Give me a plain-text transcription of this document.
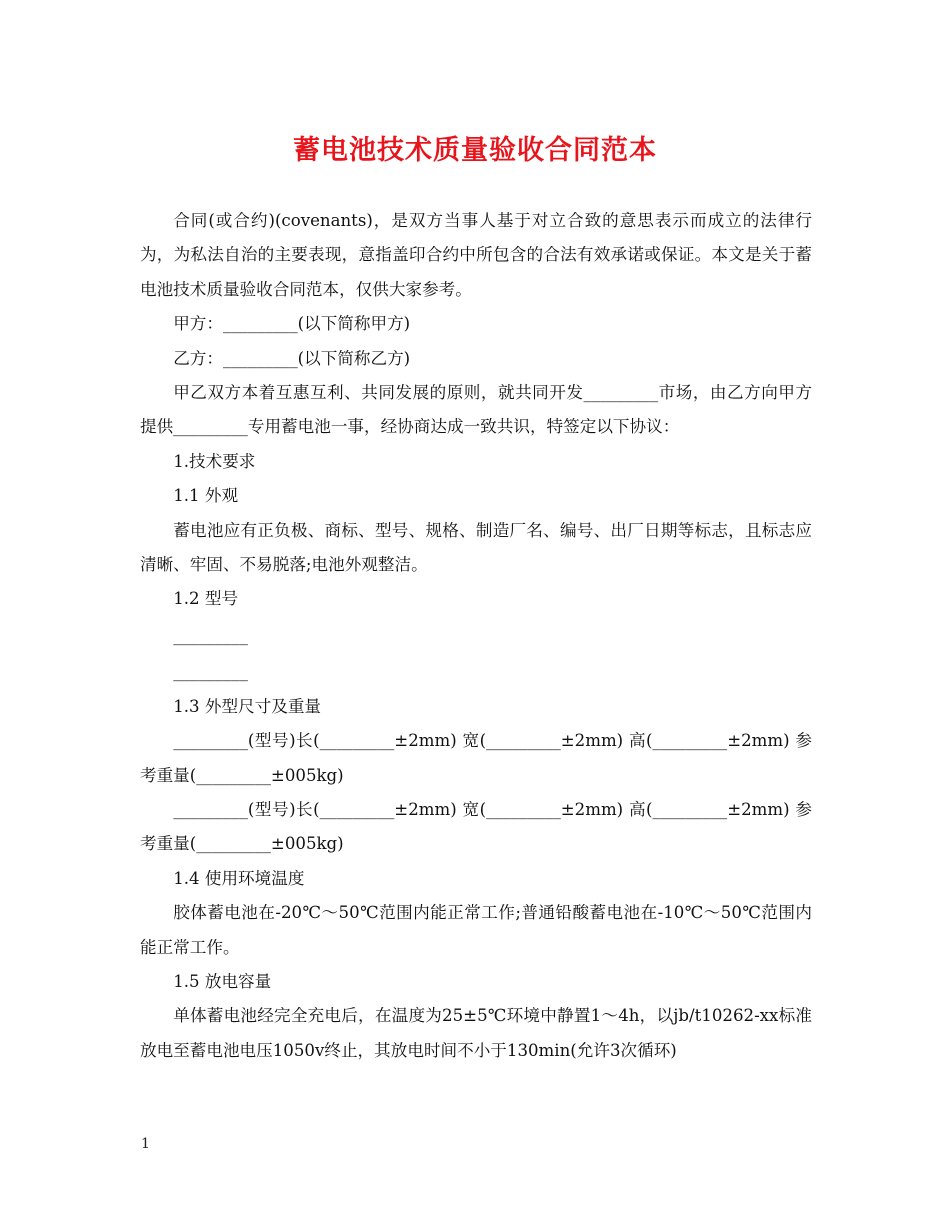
蓄电池技术质量验收合同范本

合同(或合约)(covenants)，是双方当事人基于对立合致的意思表示而成立的法律行为，为私法自治的主要表现，意指盖印合约中所包含的合法有效承诺或保证。本文是关于蓄电池技术质量验收合同范本，仅供大家参考。

甲方：_________(以下简称甲方)

乙方：_________(以下简称乙方)

甲乙双方本着互惠互利、共同发展的原则，就共同开发_________市场，由乙方向甲方提供_________专用蓄电池一事，经协商达成一致共识，特签定以下协议：

1.技术要求

1.1 外观

蓄电池应有正负极、商标、型号、规格、制造厂名、编号、出厂日期等标志，且标志应清晰、牢固、不易脱落;电池外观整洁。

1.2 型号

_________

_________

1.3 外型尺寸及重量

_________(型号)长(_________±2mm) 宽(_________±2mm) 高(_________±2mm) 参考重量(_________±005kg)

_________(型号)长(_________±2mm) 宽(_________±2mm) 高(_________±2mm) 参考重量(_________±005kg)

1.4 使用环境温度

胶体蓄电池在-20℃～50℃范围内能正常工作;普通铅酸蓄电池在-10℃～50℃范围内能正常工作。

1.5 放电容量

单体蓄电池经完全充电后，在温度为25±5℃环境中静置1～4h，以jb/t10262-xx标准放电至蓄电池电压1050v终止，其放电时间不小于130min(允许3次循环)

1
